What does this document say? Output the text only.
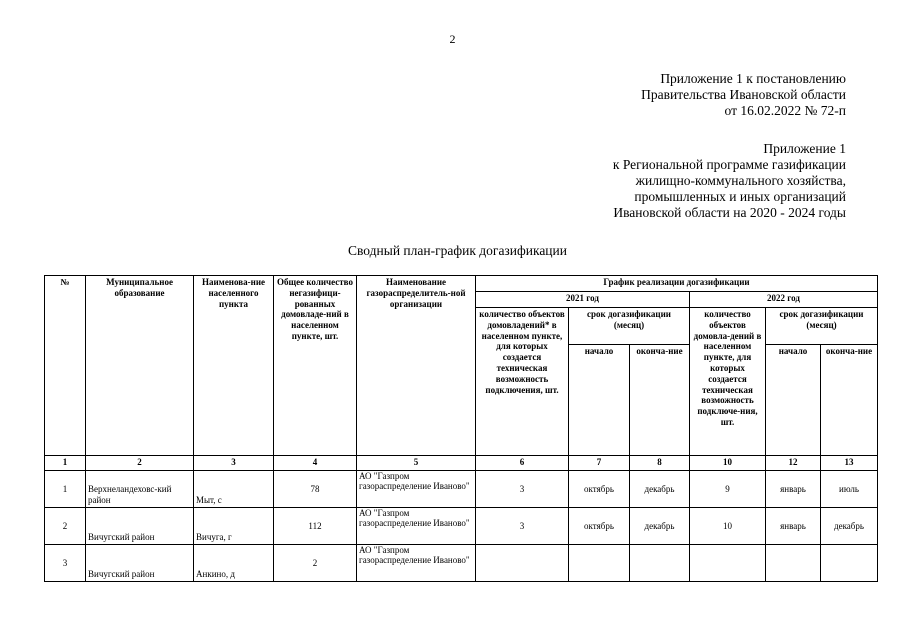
2
Приложение 1 к постановлению
Правительства Ивановской области
от 16.02.2022 № 72-п
Приложение 1
к Региональной программе газификации
жилищно-коммунального хозяйства,
промышленных и иных организаций
Ивановской области на 2020 - 2024 годы
Сводный план-график догазификации
№	Муниципальное образование	Наименова-ние населенного пункта	Общее количество негазифици-рованных домовладе-ний в населенном пункте, шт.	Наименование газораспределитель-ной организации	График реализации догазификации					
					2021 год			2022 год		
					количество объектов домовладений* в населенном пункте, для которых создается техническая возможность подключения, шт.	срок догазификации (месяц)		количество объектов домовла-дений в населенном пункте, для которых создается техническая возможность подключе-ния, шт.	срок догазификации (месяц)	
						начало	оконча-ние		начало	оконча-ние
1	2	3	4	5	6	7	8	10	12	13
1	Верхнеландеховс-кий район	Мыт, с	78	АО "Газпром газораспределение Иваново"	3	октябрь	декабрь	9	январь	июль
2	Вичугский район	Вичуга, г	112	АО "Газпром газораспределение Иваново"	3	октябрь	декабрь	10	январь	декабрь
3	Вичугский район	Анкино, д	2	АО "Газпром газораспределение Иваново"						
